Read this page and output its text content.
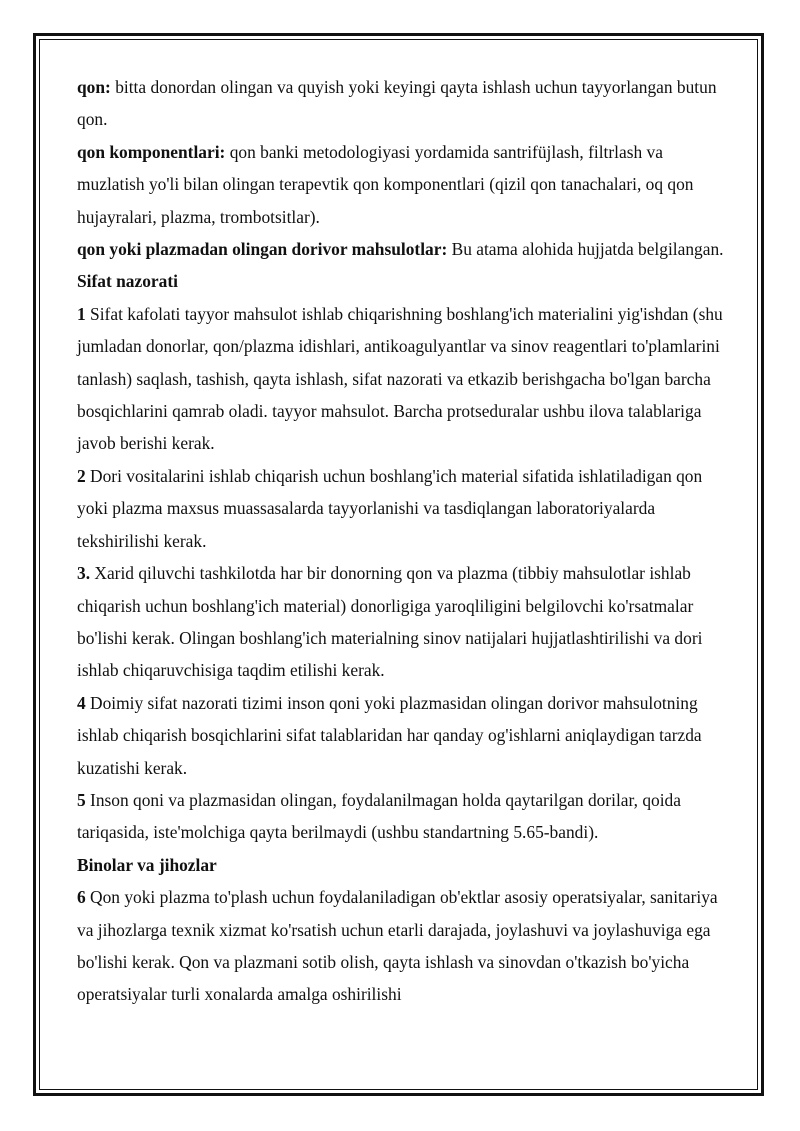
qon: bitta donordan olingan va quyish yoki keyingi qayta ishlash uchun tayyorlangan butun qon.

qon komponentlari: qon banki metodologiyasi yordamida santrifüjlash, filtrlash va muzlatish yo'li bilan olingan terapevtik qon komponentlari (qizil qon tanachalari, oq qon hujayralari, plazma, trombotsitlar).

qon yoki plazmadan olingan dorivor mahsulotlar: Bu atama alohida hujjatda belgilangan.

Sifat nazorati

1 Sifat kafolati tayyor mahsulot ishlab chiqarishning boshlang'ich materialini yig'ishdan (shu jumladan donorlar, qon/plazma idishlari, antikoagulyantlar va sinov reagentlari to'plamlarini tanlash) saqlash, tashish, qayta ishlash, sifat nazorati va etkazib berishgacha bo'lgan barcha bosqichlarini qamrab oladi. tayyor mahsulot. Barcha protseduralar ushbu ilova talablariga javob berishi kerak.

2 Dori vositalarini ishlab chiqarish uchun boshlang'ich material sifatida ishlatiladigan qon yoki plazma maxsus muassasalarda tayyorlanishi va tasdiqlangan laboratoriyalarda tekshirilishi kerak.

3. Xarid qiluvchi tashkilotda har bir donorning qon va plazma (tibbiy mahsulotlar ishlab chiqarish uchun boshlang'ich material) donorligiga yaroqliligini belgilovchi ko'rsatmalar bo'lishi kerak. Olingan boshlang'ich materialning sinov natijalari hujjatlashtirilishi va dori ishlab chiqaruvchisiga taqdim etilishi kerak.

4 Doimiy sifat nazorati tizimi inson qoni yoki plazmasidan olingan dorivor mahsulotning ishlab chiqarish bosqichlarini sifat talablaridan har qanday og'ishlarni aniqlaydigan tarzda kuzatishi kerak.

5 Inson qoni va plazmasidan olingan, foydalanilmagan holda qaytarilgan dorilar, qoida tariqasida, iste'molchiga qayta berilmaydi (ushbu standartning 5.65-bandi).

Binolar va jihozlar

6 Qon yoki plazma to'plash uchun foydalaniladigan ob'ektlar asosiy operatsiyalar, sanitariya va jihozlarga texnik xizmat ko'rsatish uchun etarli darajada, joylashuvi va joylashuviga ega bo'lishi kerak. Qon va plazmani sotib olish, qayta ishlash va sinovdan o'tkazish bo'yicha operatsiyalar turli xonalarda amalga oshirilishi
